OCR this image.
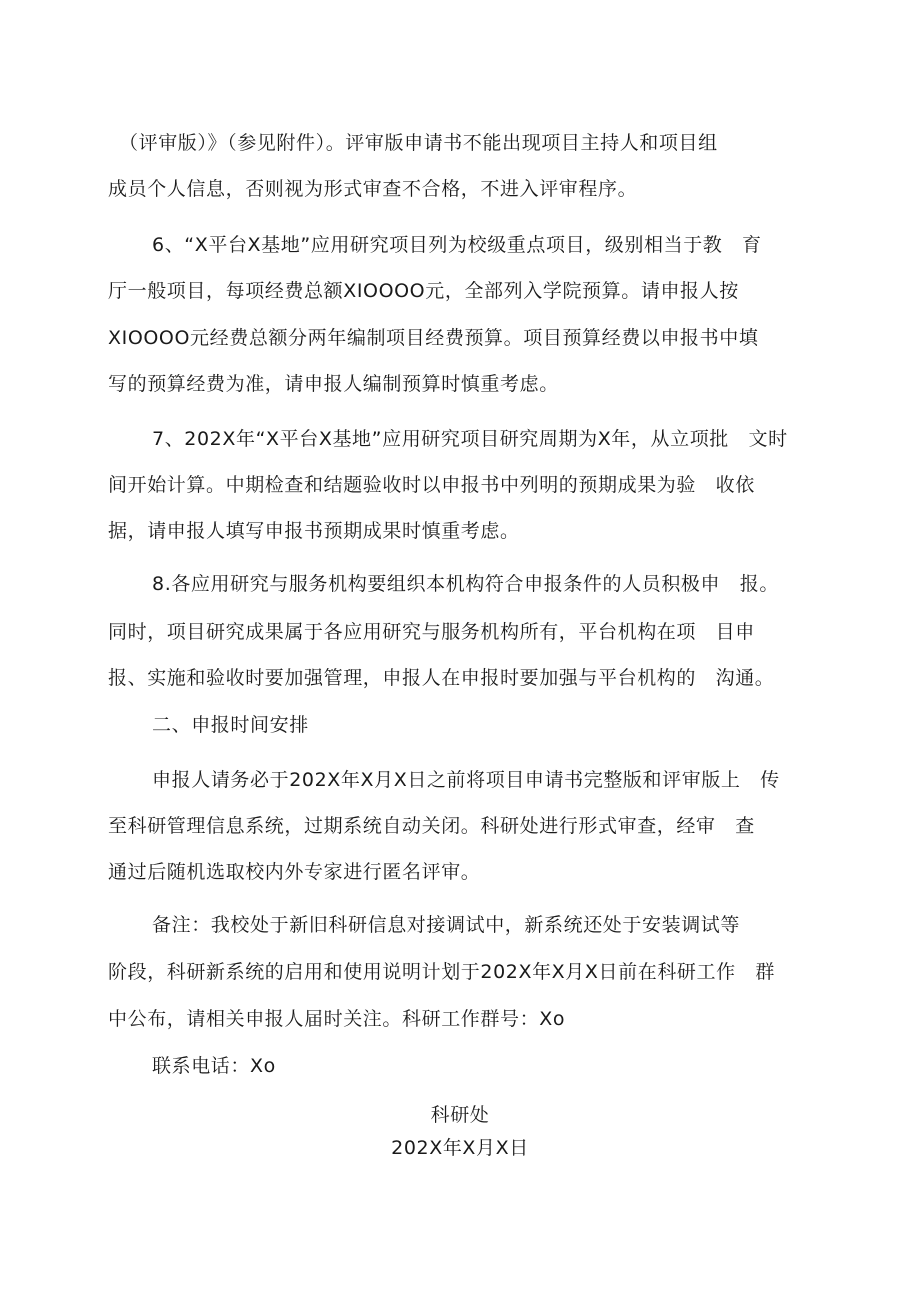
（评审版）》（参见附件）。评审版申请书不能出现项目主持人和项目组
成员个人信息，否则视为形式审查不合格，不进入评审程序。
6、“X平台X基地”应用研究项目列为校级重点项目，级别相当于教　育
厅一般项目，每项经费总额XIOOOO元，全部列入学院预算。请申报人按
XIOOOO元经费总额分两年编制项目经费预算。项目预算经费以申报书中填
写的预算经费为准，请申报人编制预算时慎重考虑。
7、202X年“X平台X基地”应用研究项目研究周期为X年，从立项批　文时
间开始计算。中期检查和结题验收时以申报书中列明的预期成果为验　收依
据，请申报人填写申报书预期成果时慎重考虑。
8.各应用研究与服务机构要组织本机构符合申报条件的人员积极申　报。
同时，项目研究成果属于各应用研究与服务机构所有，平台机构在项　目申
报、实施和验收时要加强管理，申报人在申报时要加强与平台机构的　沟通。
二、申报时间安排
申报人请务必于202X年X月X日之前将项目申请书完整版和评审版上　传
至科研管理信息系统，过期系统自动关闭。科研处进行形式审查，经审　查
通过后随机选取校内外专家进行匿名评审。
备注：我校处于新旧科研信息对接调试中，新系统还处于安装调试等
阶段，科研新系统的启用和使用说明计划于202X年X月X日前在科研工作　群
中公布，请相关申报人届时关注。科研工作群号：Xo
联系电话：Xo
科研处
202X年X月X日
